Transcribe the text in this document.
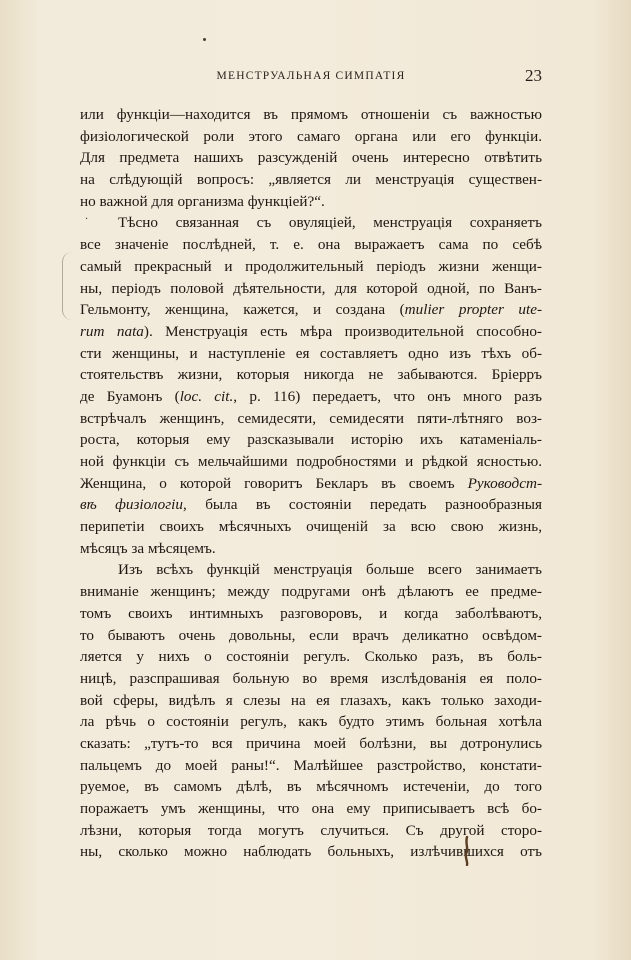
МЕНСТРУАЛЬНАЯ СИМПАТІЯ	23
·
или функціи—находится въ прямомъ отношеніи съ важностью
физіологической роли этого самаго органа или его функціи.
Для предмета нашихъ разсужденій очень интересно отвѣтить
на слѣдующій вопросъ: „является ли менструація существен-
но важной для организма функціей?“.
Тѣсно связанная съ овуляціей, менструація сохраняетъ
все значеніе послѣдней, т. е. она выражаетъ сама по себѣ
самый прекрасный и продолжительный періодъ жизни женщи-
ны, періодъ половой дѣятельности, для которой одной, по Ванъ-
Гельмонту, женщина, кажется, и создана (mulier propter ute-
rum nata). Менструація есть мѣра производительной способно-
сти женщины, и наступленіе ея составляетъ одно изъ тѣхъ об-
стоятельствъ жизни, которыя никогда не забываются. Бріерръ
де Буамонъ (loc. cit., р. 116) передаетъ, что онъ много разъ
встрѣчалъ женщинъ, семидесяти, семидесяти пяти-лѣтняго воз-
роста, которыя ему разсказывали исторію ихъ катаменіаль-
ной функціи съ мельчайшими подробностями и рѣдкой ясностью.
Женщина, о которой говоритъ Бекларъ въ своемъ Руководст-
вѣ физіологіи, была въ состояніи передать разнообразныя
перипетіи своихъ мѣсячныхъ очищеній за всю свою жизнь,
мѣсяцъ за мѣсяцемъ.
Изъ всѣхъ функцій менструація больше всего занимаетъ
вниманіе женщинъ; между подругами онѣ дѣлаютъ ее предме-
томъ своихъ интимныхъ разговоровъ, и когда заболѣваютъ,
то бываютъ очень довольны, если врачъ деликатно освѣдом-
ляется у нихъ о состояніи регулъ. Сколько разъ, въ боль-
ницѣ, разспрашивая больную во время изслѣдованія ея поло-
вой сферы, видѣлъ я слезы на ея глазахъ, какъ только заходи-
ла рѣчь о состояніи регулъ, какъ будто этимъ больная хотѣла
сказать: „тутъ-то вся причина моей болѣзни, вы дотронулись
пальцемъ до моей раны!“. Малѣйшее разстройство, констати-
руемое, въ самомъ дѣлѣ, въ мѣсячномъ истеченіи, до того
поражаетъ умъ женщины, что она ему приписываетъ всѣ бо-
лѣзни, которыя тогда могутъ случиться. Съ другой сторо-
ны, сколько можно наблюдать больныхъ, излѣчившихся отъ
